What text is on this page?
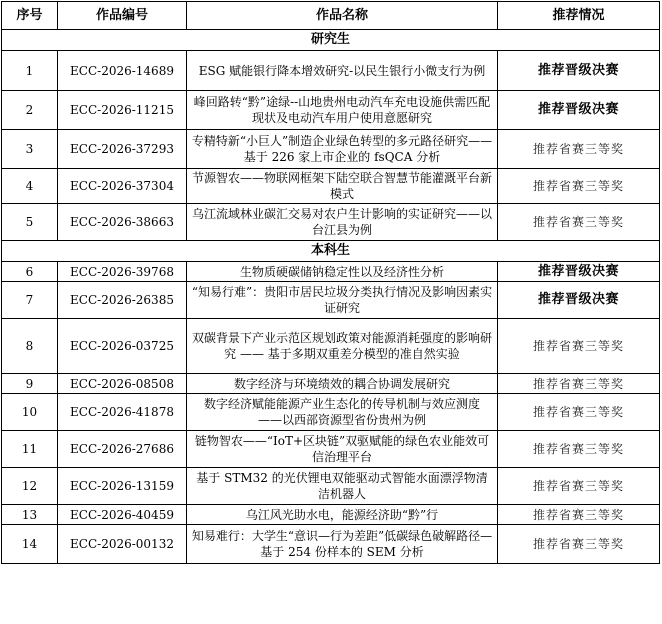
序号	作品编号	作品名称	推荐情况
研究生			
1	ECC-2026-14689	ESG 赋能银行降本增效研究-以民生银行小微支行为例	推荐晋级决赛
2	ECC-2026-11215	峰回路转“黔”途绿--山地贵州电动汽车充电设施供需匹配现状及电动汽车用户使用意愿研究	推荐晋级决赛
3	ECC-2026-37293	专精特新“小巨人”制造企业绿色转型的多元路径研究——基于 226 家上市企业的 fsQCA 分析	推荐省赛三等奖
4	ECC-2026-37304	节源智农——物联网框架下陆空联合智慧节能灌溉平台新模式	推荐省赛三等奖
5	ECC-2026-38663	乌江流域林业碳汇交易对农户生计影响的实证研究——以台江县为例	推荐省赛三等奖
本科生			
6	ECC-2026-39768	生物质硬碳储钠稳定性以及经济性分析	推荐晋级决赛
7	ECC-2026-26385	“知易行难”：贵阳市居民垃圾分类执行情况及影响因素实证研究	推荐晋级决赛
8	ECC-2026-03725	双碳背景下产业示范区规划政策对能源消耗强度的影响研究 —— 基于多期双重差分模型的准自然实验	推荐省赛三等奖
9	ECC-2026-08508	数字经济与环境绩效的耦合协调发展研究	推荐省赛三等奖
10	ECC-2026-41878	数字经济赋能能源产业生态化的传导机制与效应测度 ——以西部资源型省份贵州为例	推荐省赛三等奖
11	ECC-2026-27686	链物智农——“IoT+区块链”双驱赋能的绿色农业能效可信治理平台	推荐省赛三等奖
12	ECC-2026-13159	基于 STM32 的光伏锂电双能驱动式智能水面漂浮物清洁机器人	推荐省赛三等奖
13	ECC-2026-40459	乌江风光助水电，能源经济助“黔”行	推荐省赛三等奖
14	ECC-2026-00132	知易难行：大学生“意识—行为差距”低碳绿色破解路径—基于 254 份样本的 SEM 分析	推荐省赛三等奖
